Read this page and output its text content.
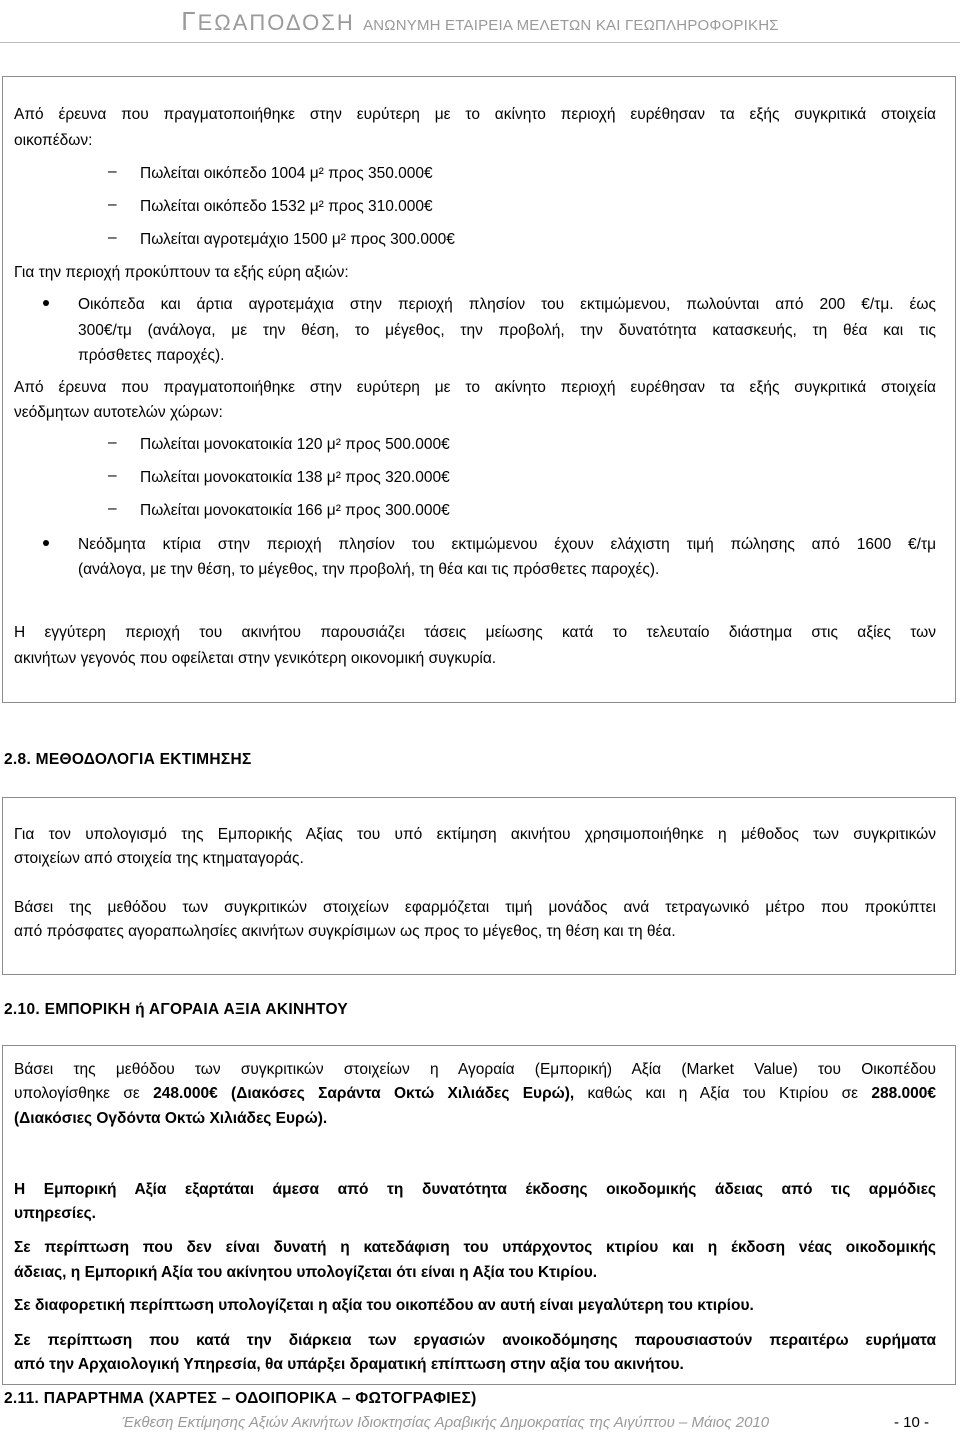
ΓΕΩΑΠΟΔΟΣΗ ΑΝΩΝΥΜΗ ΕΤΑΙΡΕΙΑ ΜΕΛΕΤΩΝ ΚΑΙ ΓΕΩΠΛΗΡΟΦΟΡΙΚΗΣ

Από έρευνα που πραγματοποιήθηκε στην ευρύτερη με το ακίνητο περιοχή ευρέθησαν τα εξής συγκριτικά στοιχεία

οικοπέδων:

– Πωλείται οικόπεδο 1004 μ² προς 350.000€

– Πωλείται οικόπεδο 1532 μ² προς 310.000€

– Πωλείται αγροτεμάχιο 1500 μ² προς 300.000€

Για την περιοχή προκύπτουν τα εξής εύρη αξιών:

Οικόπεδα και άρτια αγροτεμάχια στην περιοχή πλησίον του εκτιμώμενου, πωλούνται από 200 €/τμ. έως

300€/τμ (ανάλογα, με την θέση, το μέγεθος, την προβολή, την δυνατότητα κατασκευής, τη θέα και τις

πρόσθετες παροχές).

Από έρευνα που πραγματοποιήθηκε στην ευρύτερη με το ακίνητο περιοχή ευρέθησαν τα εξής συγκριτικά στοιχεία

νεόδμητων αυτοτελών χώρων:

– Πωλείται μονοκατοικία 120 μ² προς 500.000€

– Πωλείται μονοκατοικία 138 μ² προς 320.000€

– Πωλείται μονοκατοικία 166 μ² προς 300.000€

Νεόδμητα κτίρια στην περιοχή πλησίον του εκτιμώμενου έχουν ελάχιστη τιμή πώλησης από 1600 €/τμ

(ανάλογα, με την θέση, το μέγεθος, την προβολή, τη θέα και τις πρόσθετες παροχές).

Η εγγύτερη περιοχή του ακινήτου παρουσιάζει τάσεις μείωσης κατά το τελευταίο διάστημα στις αξίες των

ακινήτων γεγονός που οφείλεται στην γενικότερη οικονομική συγκυρία.

2.8. ΜΕΘΟΔΟΛΟΓΙΑ ΕΚΤΙΜΗΣΗΣ

Για τον υπολογισμό της Εμπορικής Αξίας του υπό εκτίμηση ακινήτου χρησιμοποιήθηκε η μέθοδος των συγκριτικών

στοιχείων από στοιχεία της κτηματαγοράς.

Βάσει της μεθόδου των συγκριτικών στοιχείων εφαρμόζεται τιμή μονάδος ανά τετραγωνικό μέτρο που προκύπτει

από πρόσφατες αγοραπωλησίες ακινήτων συγκρίσιμων ως προς το μέγεθος, τη θέση και τη θέα.

2.10. ΕΜΠΟΡΙΚΗ ή ΑΓΟΡΑΙΑ ΑΞΙΑ ΑΚΙΝΗΤΟΥ

Βάσει της μεθόδου των συγκριτικών στοιχείων η Αγοραία (Εμπορική) Αξία (Market Value) του Οικοπέδου

υπολογίσθηκε σε 248.000€ (Διακόσες Σαράντα Οκτώ Χιλιάδες Ευρώ), καθώς και η Αξία του Κτιρίου σε 288.000€

(Διακόσιες Ογδόντα Οκτώ Χιλιάδες Ευρώ).

Η Εμπορική Αξία εξαρτάται άμεσα από τη δυνατότητα έκδοσης οικοδομικής άδειας από τις αρμόδιες

υπηρεσίες.

Σε περίπτωση που δεν είναι δυνατή η κατεδάφιση του υπάρχοντος κτιρίου και η έκδοση νέας οικοδομικής

άδειας, η Εμπορική Αξία του ακίνητου υπολογίζεται ότι είναι η Αξία του Κτιρίου.

Σε διαφορετική περίπτωση υπολογίζεται η αξία του οικοπέδου αν αυτή είναι μεγαλύτερη του κτιρίου.

Σε περίπτωση που κατά την διάρκεια των εργασιών ανοικοδόμησης παρουσιαστούν περαιτέρω ευρήματα

από την Αρχαιολογική Υπηρεσία, θα υπάρξει δραματική επίπτωση στην αξία του ακινήτου.

2.11. ΠΑΡΑΡΤΗΜΑ (ΧΑΡΤΕΣ – ΟΔΟΙΠΟΡΙΚΑ – ΦΩΤΟΓΡΑΦΙΕΣ)

Έκθεση Εκτίμησης Αξιών Ακινήτων Ιδιοκτησίας Αραβικής Δημοκρατίας της Αιγύπτου – Μάιος 2010	- 10 -
